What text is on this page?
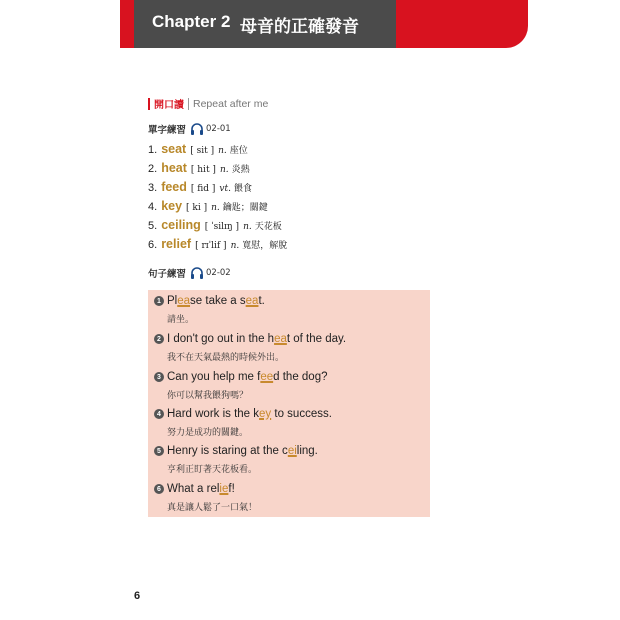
Chapter 2 母音的正確發音
開口讀 Repeat after me
單字練習 02-01
1. seat [ sit ] n. 座位
2. heat [ hit ] n. 炎熱
3. feed [ fid ] vt. 餵食
4. key [ ki ] n. 鑰匙；關鍵
5. ceiling [ ˈsilɪŋ ] n. 天花板
6. relief [ rɪˈlif ] n. 寬慰，解脫
句子練習 02-02
1 Please take a seat.
請坐。
2 I don't go out in the heat of the day.
我不在天氣最熱的時候外出。
3 Can you help me feed the dog?
你可以幫我餵狗嗎？
4 Hard work is the key to success.
努力是成功的關鍵。
5 Henry is staring at the ceiling.
亨利正盯著天花板看。
6 What a relief!
真是讓人鬆了一口氣！
6
